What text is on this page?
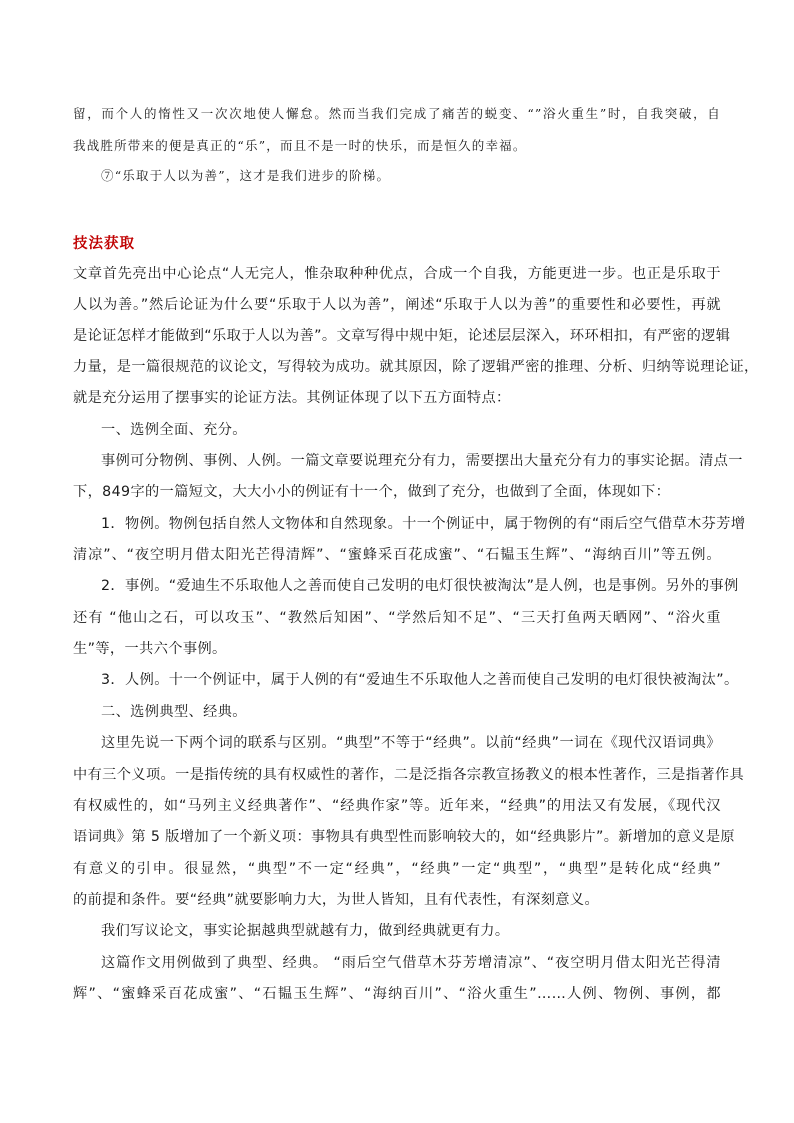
留，而个人的惰性又一次次地使人懈怠。然而当我们完成了痛苦的蜕变、“”浴火重生”时，自我突破，自
我战胜所带来的便是真正的“乐”，而且不是一时的快乐，而是恒久的幸福。
⑦“乐取于人以为善”，这才是我们进步的阶梯。
技法获取
文章首先亮出中心论点“人无完人，惟杂取种种优点，合成一个自我，方能更进一步。也正是乐取于
人以为善。”然后论证为什么要“乐取于人以为善”，阐述“乐取于人以为善”的重要性和必要性，再就
是论证怎样才能做到“乐取于人以为善”。文章写得中规中矩，论述层层深入，环环相扣，有严密的逻辑
力量，是一篇很规范的议论文，写得较为成功。就其原因，除了逻辑严密的推理、分析、归纳等说理论证，
就是充分运用了摆事实的论证方法。其例证体现了以下五方面特点：
一、选例全面、充分。
事例可分物例、事例、人例。一篇文章要说理充分有力，需要摆出大量充分有力的事实论据。清点一
下，849字的一篇短文，大大小小的例证有十一个，做到了充分，也做到了全面，体现如下：
1．物例。物例包括自然人文物体和自然现象。十一个例证中，属于物例的有“雨后空气借草木芬芳增
清凉”、“夜空明月借太阳光芒得清辉”、“蜜蜂采百花成蜜”、“石韫玉生辉”、“海纳百川”等五例。
2．事例。“爱迪生不乐取他人之善而使自己发明的电灯很快被淘汰”是人例，也是事例。另外的事例
还有 “他山之石，可以攻玉”、“教然后知困”、“学然后知不足”、“三天打鱼两天晒网”、“浴火重
生”等，一共六个事例。
3．人例。十一个例证中，属于人例的有“爱迪生不乐取他人之善而使自己发明的电灯很快被淘汰”。
二、选例典型、经典。
这里先说一下两个词的联系与区别。“典型”不等于“经典”。以前“经典”一词在《现代汉语词典》
中有三个义项。一是指传统的具有权威性的著作，二是泛指各宗教宣扬教义的根本性著作，三是指著作具
有权威性的，如“马列主义经典著作”、“经典作家”等。近年来，“经典”的用法又有发展，《现代汉
语词典》第 5 版增加了一个新义项：事物具有典型性而影响较大的，如“经典影片”。新增加的意义是原
有意义的引申。很显然，“典型”不一定“经典”，“经典”一定“典型”，“典型”是转化成“经典”
的前提和条件。要“经典”就要影响力大，为世人皆知，且有代表性，有深刻意义。
我们写议论文，事实论据越典型就越有力，做到经典就更有力。
这篇作文用例做到了典型、经典。 “雨后空气借草木芬芳增清凉”、“夜空明月借太阳光芒得清
辉”、“蜜蜂采百花成蜜”、“石韫玉生辉”、“海纳百川”、“浴火重生”……人例、物例、事例，都
